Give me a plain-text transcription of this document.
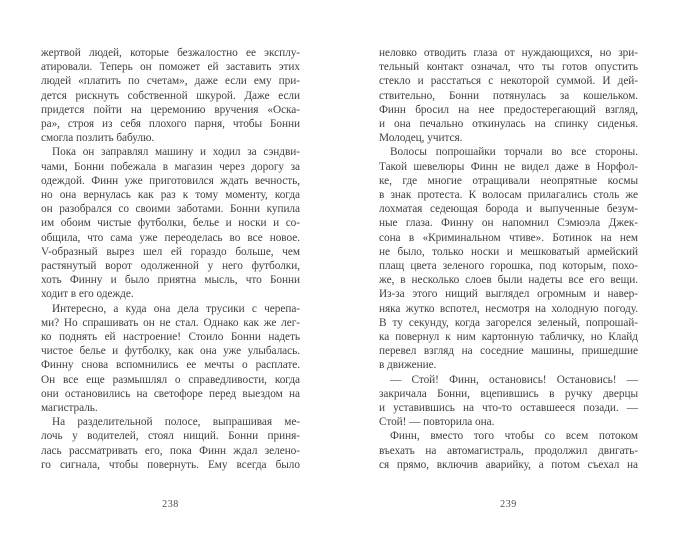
жертвой людей, которые безжалостно ее эксплу-
атировали. Теперь он поможет ей заставить этих
людей «платить по счетам», даже если ему при-
дется рискнуть собственной шкурой. Даже если
придется пойти на церемонию вручения «Оска-
ра», строя из себя плохого парня, чтобы Бонни
смогла позлить бабулю.
Пока он заправлял машину и ходил за сэндви-
чами, Бонни побежала в магазин через дорогу за
одеждой. Финн уже приготовился ждать вечность,
но она вернулась как раз к тому моменту, когда
он разобрался со своими заботами. Бонни купила
им обоим чистые футболки, белье и носки и со-
общила, что сама уже переоделась во все новое.
V-образный вырез шел ей гораздо больше, чем
растянутый ворот одолженной у него футболки,
хоть Финну и было приятна мысль, что Бонни
ходит в его одежде.
Интересно, а куда она дела трусики с черепа-
ми? Но спрашивать он не стал. Однако как же лег-
ко поднять ей настроение! Стоило Бонни надеть
чистое белье и футболку, как она уже улыбалась.
Финну снова вспомнились ее мечты о расплате.
Он все еще размышлял о справедливости, когда
они остановились на светофоре перед выездом на
магистраль.
На разделительной полосе, выпрашивая ме-
лочь у водителей, стоял нищий. Бонни приня-
лась рассматривать его, пока Финн ждал зелено-
го сигнала, чтобы повернуть. Ему всегда было
238
неловко отводить глаза от нуждающихся, но зри-
тельный контакт означал, что ты готов опустить
стекло и расстаться с некоторой суммой. И дей-
ствительно, Бонни потянулась за кошельком.
Финн бросил на нее предостерегающий взгляд,
и она печально откинулась на спинку сиденья.
Молодец, учится.
Волосы попрошайки торчали во все стороны.
Такой шевелюры Финн не видел даже в Норфол-
ке, где многие отращивали неопрятные космы
в знак протеста. К волосам прилагались столь же
лохматая седеющая борода и выпученные безум-
ные глаза. Финну он напомнил Сэмюэла Джек-
сона в «Криминальном чтиве». Ботинок на нем
не было, только носки и мешковатый армейский
плащ цвета зеленого горошка, под которым, похо-
же, в несколько слоев были надеты все его вещи.
Из-за этого нищий выглядел огромным и навер-
няка жутко вспотел, несмотря на холодную погоду.
В ту секунду, когда загорелся зеленый, попрошай-
ка повернул к ним картонную табличку, но Клайд
перевел взгляд на соседние машины, пришедшие
в движение.
— Стой! Финн, остановись! Остановись! —
закричала Бонни, вцепившись в ручку дверцы
и уставившись на что-то оставшееся позади. —
Стой! — повторила она.
Финн, вместо того чтобы со всем потоком
въехать на автомагистраль, продолжил двигать-
ся прямо, включив аварийку, а потом съехал на
239
